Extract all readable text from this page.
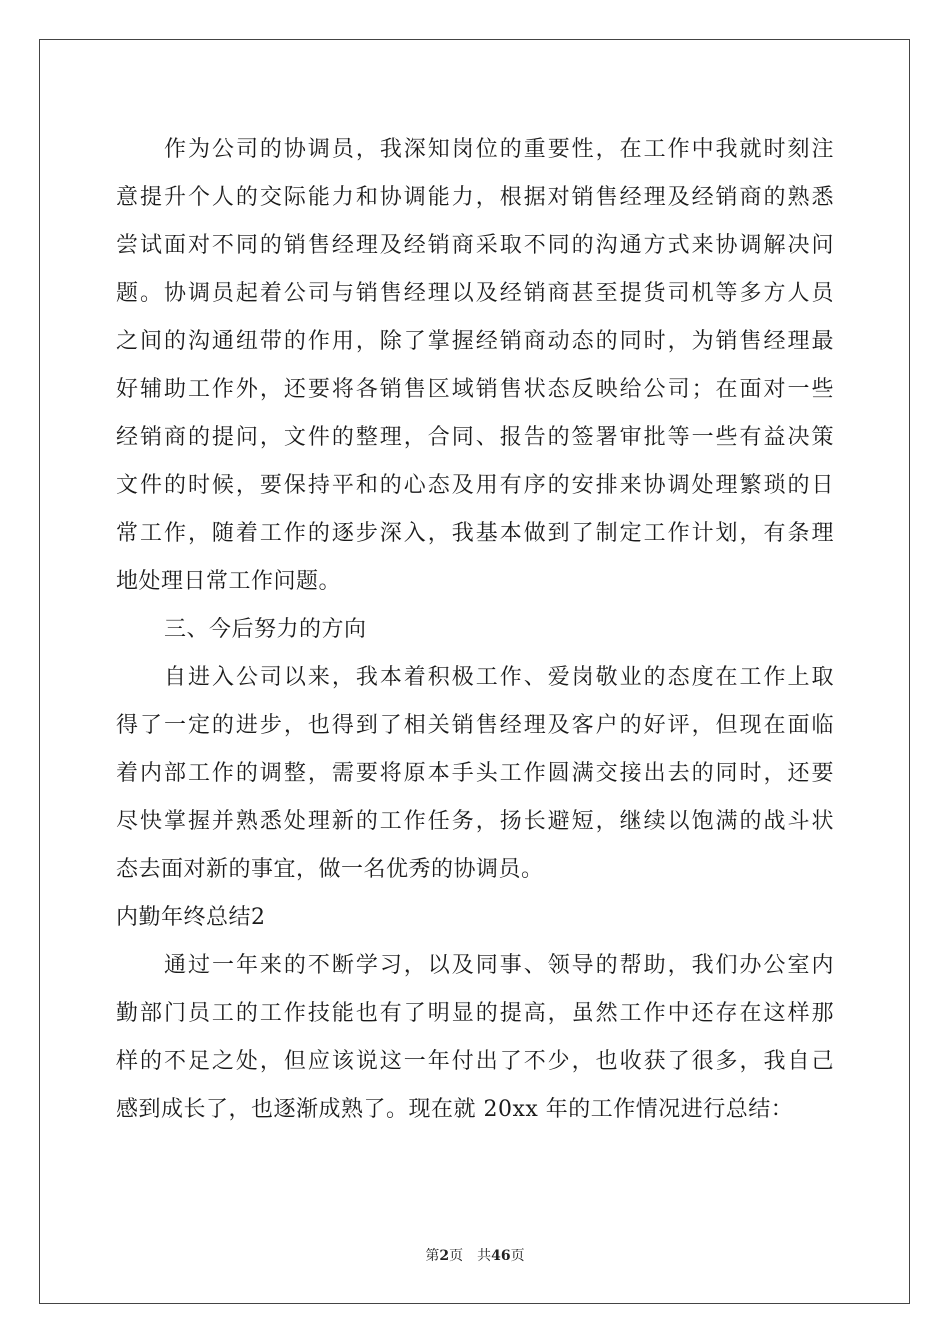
作为公司的协调员，我深知岗位的重要性，在工作中我就时刻注
意提升个人的交际能力和协调能力，根据对销售经理及经销商的熟悉
尝试面对不同的销售经理及经销商采取不同的沟通方式来协调解决问
题。协调员起着公司与销售经理以及经销商甚至提货司机等多方人员
之间的沟通纽带的作用，除了掌握经销商动态的同时，为销售经理最
好辅助工作外，还要将各销售区域销售状态反映给公司；在面对一些
经销商的提问，文件的整理，合同、报告的签署审批等一些有益决策
文件的时候，要保持平和的心态及用有序的安排来协调处理繁琐的日
常工作，随着工作的逐步深入，我基本做到了制定工作计划，有条理
地处理日常工作问题。
三、今后努力的方向
自进入公司以来，我本着积极工作、爱岗敬业的态度在工作上取
得了一定的进步，也得到了相关销售经理及客户的好评，但现在面临
着内部工作的调整，需要将原本手头工作圆满交接出去的同时，还要
尽快掌握并熟悉处理新的工作任务，扬长避短，继续以饱满的战斗状
态去面对新的事宜，做一名优秀的协调员。
内勤年终总结2
通过一年来的不断学习，以及同事、领导的帮助，我们办公室内
勤部门员工的工作技能也有了明显的提高，虽然工作中还存在这样那
样的不足之处，但应该说这一年付出了不少，也收获了很多，我自己
感到成长了，也逐渐成熟了。现在就 20xx 年的工作情况进行总结：
第2页 共46页
